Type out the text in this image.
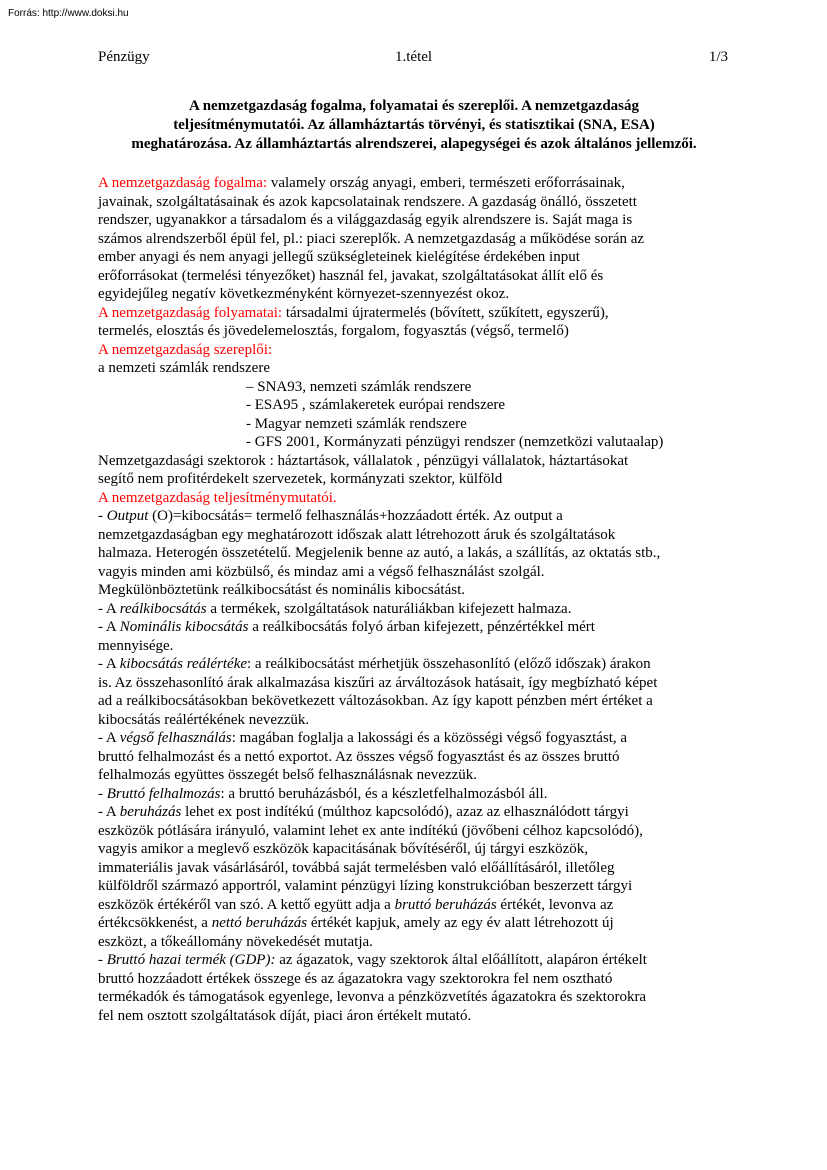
Forrás: http://www.doksi.hu
Pénzügy	1.tétel	1/3
A nemzetgazdaság fogalma, folyamatai és szereplői. A nemzetgazdaság
teljesítménymutatói. Az államháztartás törvényi, és statisztikai (SNA, ESA)
meghatározása. Az államháztartás alrendszerei, alapegységei és azok általános jellemzői.
A nemzetgazdaság fogalma: valamely ország anyagi, emberi, természeti erőforrásainak,
javainak, szolgáltatásainak és azok kapcsolatainak rendszere. A gazdaság önálló, összetett
rendszer, ugyanakkor a társadalom és a világgazdaság egyik alrendszere is. Saját maga is
számos alrendszerből épül fel, pl.: piaci szereplők. A nemzetgazdaság a működése során az
ember anyagi és nem anyagi jellegű szükségleteinek kielégítése érdekében input
erőforrásokat (termelési tényezőket) használ fel, javakat, szolgáltatásokat állít elő és
egyidejűleg negatív következményként környezet-szennyezést okoz.
A nemzetgazdaság folyamatai: társadalmi újratermelés (bővített, szűkített, egyszerű),
termelés, elosztás és jövedelemelosztás, forgalom, fogyasztás (végső, termelő)
A nemzetgazdaság szereplői:
a nemzeti számlák rendszere
– SNA93, nemzeti számlák rendszere
- ESA95 , számlakeretek európai rendszere
- Magyar nemzeti számlák rendszere
- GFS 2001, Kormányzati pénzügyi rendszer (nemzetközi valutaalap)
Nemzetgazdasági szektorok : háztartások, vállalatok , pénzügyi vállalatok, háztartásokat
segítő nem profitérdekelt szervezetek, kormányzati szektor, külföld
A nemzetgazdaság teljesítménymutatói.
- Output (O)=kibocsátás= termelő felhasználás+hozzáadott érték. Az output a
nemzetgazdaságban egy meghatározott időszak alatt létrehozott áruk és szolgáltatások
halmaza. Heterogén összetételű. Megjelenik benne az autó, a lakás, a szállítás, az oktatás stb.,
vagyis minden ami közbülső, és mindaz ami a végső felhasználást szolgál.
Megkülönböztetünk reálkibocsátást és nominális kibocsátást.
- A reálkibocsátás a termékek, szolgáltatások naturáliákban kifejezett halmaza.
- A Nominális kibocsátás a reálkibocsátás folyó árban kifejezett, pénzértékkel mért
mennyisége.
- A kibocsátás reálértéke: a reálkibocsátást mérhetjük összehasonlító (előző időszak) árakon
is. Az összehasonlító árak alkalmazása kiszűri az árváltozások hatásait, így megbízható képet
ad a reálkibocsátásokban bekövetkezett változásokban. Az így kapott pénzben mért értéket a
kibocsátás reálértékének nevezzük.
- A végső felhasználás: magában foglalja a lakossági és a közösségi végső fogyasztást, a
bruttó felhalmozást és a nettó exportot. Az összes végső fogyasztást és az összes bruttó
felhalmozás együttes összegét belső felhasználásnak nevezzük.
- Bruttó felhalmozás: a bruttó beruházásból, és a készletfelhalmozásból áll.
- A beruházás lehet ex post indítékú (múlthoz kapcsolódó), azaz az elhasználódott tárgyi
eszközök pótlására irányuló, valamint lehet ex ante indítékú (jövőbeni célhoz kapcsolódó),
vagyis amikor a meglevő eszközök kapacitásának bővítéséről, új tárgyi eszközök,
immateriális javak vásárlásáról, továbbá saját termelésben való előállításáról, illetőleg
külföldről származó apportról, valamint pénzügyi lízing konstrukcióban beszerzett tárgyi
eszközök értékéről van szó. A kettő együtt adja a bruttó beruházás értékét, levonva az
értékcsökkenést, a nettó beruházás értékét kapjuk, amely az egy év alatt létrehozott új
eszközt, a tőkeállomány növekedését mutatja.
- Bruttó hazai termék (GDP): az ágazatok, vagy szektorok által előállított, alapáron értékelt
bruttó hozzáadott értékek összege és az ágazatokra vagy szektorokra fel nem osztható
termékadók és támogatások egyenlege, levonva a pénzközvetítés ágazatokra és szektorokra
fel nem osztott szolgáltatások díját, piaci áron értékelt mutató.
